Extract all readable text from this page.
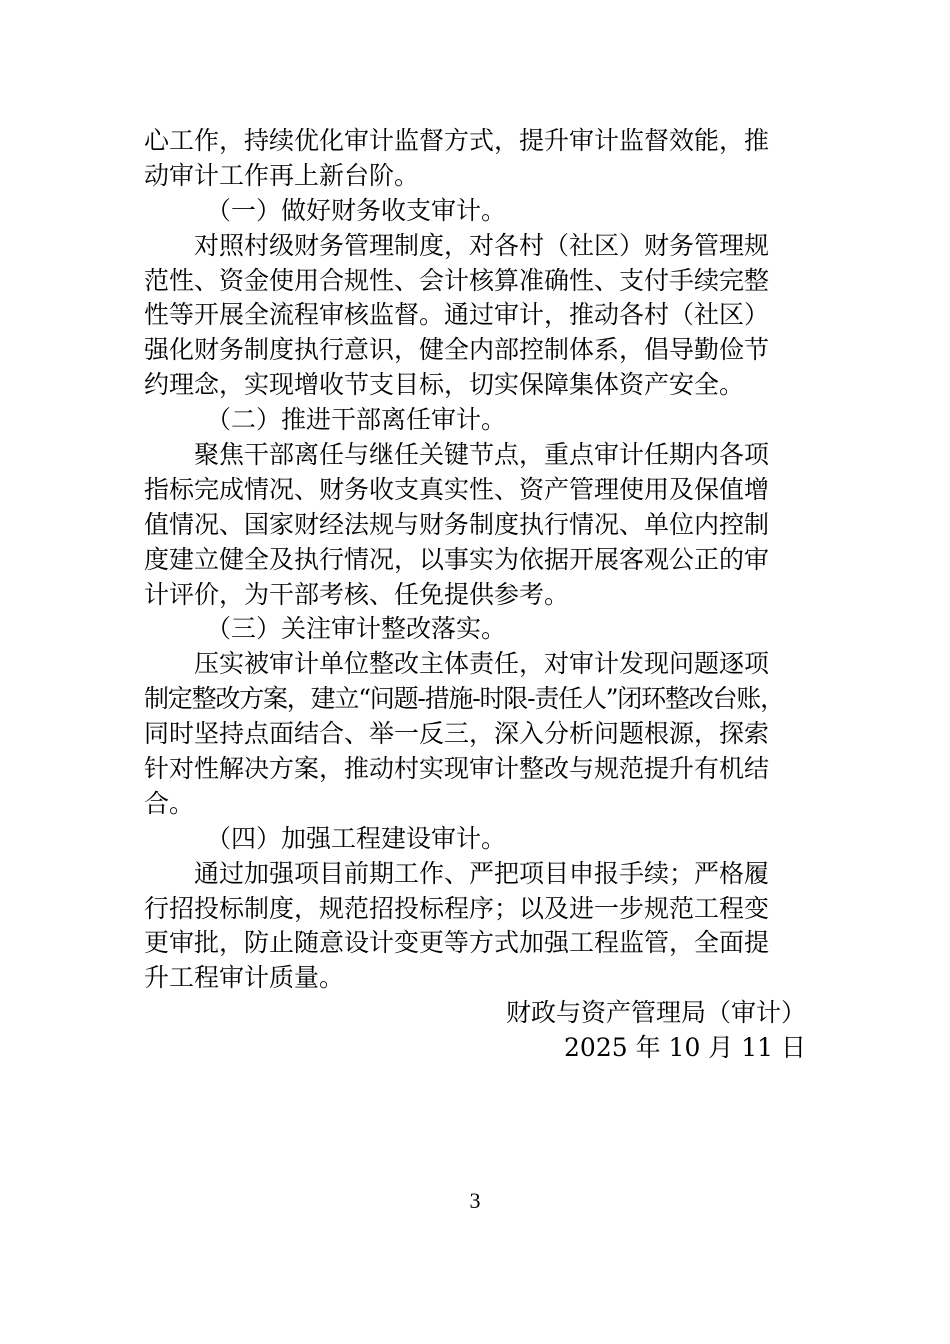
心工作，持续优化审计监督方式，提升审计监督效能，推
动审计工作再上新台阶。
（一）做好财务收支审计。
对照村级财务管理制度，对各村（社区）财务管理规
范性、资金使用合规性、会计核算准确性、支付手续完整
性等开展全流程审核监督。通过审计，推动各村（社区）
强化财务制度执行意识，健全内部控制体系，倡导勤俭节
约理念，实现增收节支目标，切实保障集体资产安全。
（二）推进干部离任审计。
聚焦干部离任与继任关键节点，重点审计任期内各项
指标完成情况、财务收支真实性、资产管理使用及保值增
值情况、国家财经法规与财务制度执行情况、单位内控制
度建立健全及执行情况，以事实为依据开展客观公正的审
计评价，为干部考核、任免提供参考。
（三）关注审计整改落实。
压实被审计单位整改主体责任，对审计发现问题逐项
制定整改方案，建立“问题-措施-时限-责任人”闭环整改台账，
同时坚持点面结合、举一反三，深入分析问题根源，探索
针对性解决方案，推动村实现审计整改与规范提升有机结
合。
（四）加强工程建设审计。
通过加强项目前期工作、严把项目申报手续；严格履
行招投标制度，规范招投标程序；以及进一步规范工程变
更审批，防止随意设计变更等方式加强工程监管，全面提
升工程审计质量。
财政与资产管理局（审计）
2025 年 10 月 11 日
3
